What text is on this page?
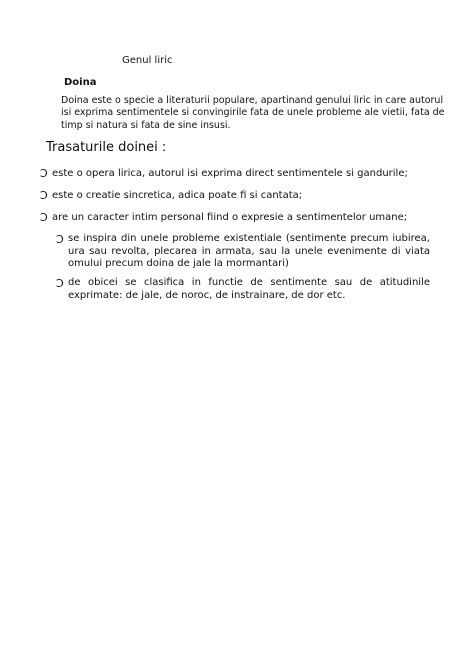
Genul liric
Doina
Doina este o specie a literaturii populare, apartinand genului liric in care autorul
isi exprima sentimentele si convingirile fata de unele probleme ale vietii, fata de
timp si natura si fata de sine insusi.
Trasaturile doinei :
Ɔ este o opera lirica, autorul isi exprima direct sentimentele si gandurile;
Ɔ este o creatie sincretica, adica poate fi si cantata;
Ɔ are un caracter intim personal fiind o expresie a sentimentelor umane;
Ɔ se inspira din unele probleme existentiale (sentimente precum iubirea,
ura sau revolta, plecarea in armata, sau la unele evenimente di viata
omului precum doina de jale la mormantari)
Ɔ de obicei se clasifica in functie de sentimente sau de atitudinile
exprimate: de jale, de noroc, de instrainare, de dor etc.
